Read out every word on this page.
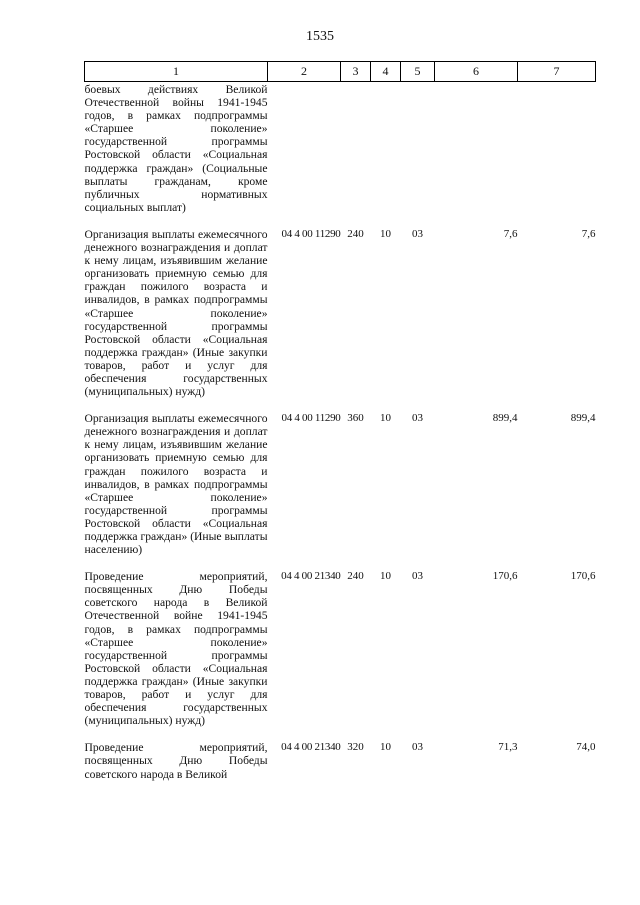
1535
1	2	3	4	5	6	7
боевых действиях Великой Отечественной войны 1941-1945 годов, в рамках подпрограммы «Старшее поколение» государственной программы Ростовской области «Социальная поддержка граждан» (Социальные выплаты гражданам, кроме публичных нормативных социальных выплат)						
Организация выплаты ежемесячного денежного вознаграждения и доплат к нему лицам, изъявившим желание организовать приемную семью для граждан пожилого возраста и инвалидов, в рамках подпрограммы «Старшее поколение» государственной программы Ростовской области «Социальная поддержка граждан» (Иные закупки товаров, работ и услуг для обеспечения государственных (муниципальных) нужд)	04 4 00 11290	240	10	03	7,6	7,6
Организация выплаты ежемесячного денежного вознаграждения и доплат к нему лицам, изъявившим желание организовать приемную семью для граждан пожилого возраста и инвалидов, в рамках подпрограммы «Старшее поколение» государственной программы Ростовской области «Социальная поддержка граждан» (Иные выплаты населению)	04 4 00 11290	360	10	03	899,4	899,4
Проведение мероприятий, посвященных Дню Победы советского народа в Великой Отечественной войне 1941-1945 годов, в рамках подпрограммы «Старшее поколение» государственной программы Ростовской области «Социальная поддержка граждан» (Иные закупки товаров, работ и услуг для обеспечения государственных (муниципальных) нужд)	04 4 00 21340	240	10	03	170,6	170,6
Проведение мероприятий, посвященных Дню Победы советского народа в Великой	04 4 00 21340	320	10	03	71,3	74,0
